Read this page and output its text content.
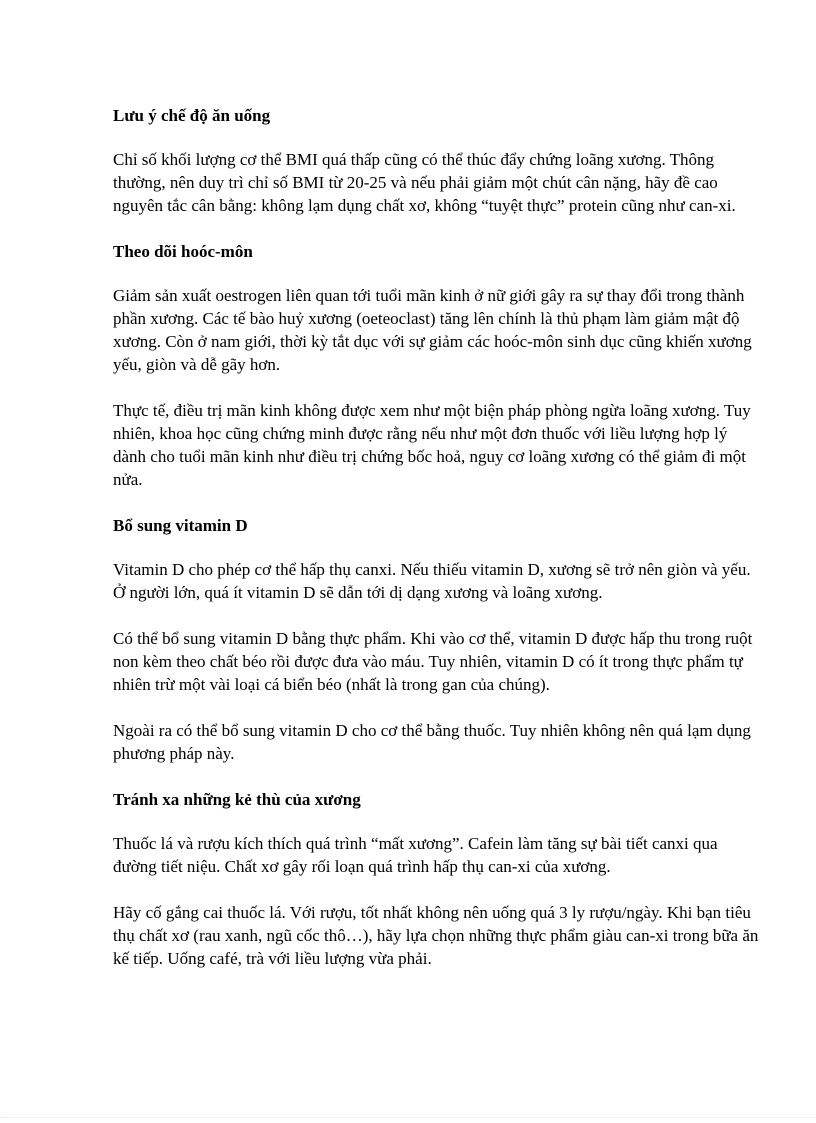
Lưu ý chế độ ăn uống

Chỉ số khối lượng cơ thể BMI quá thấp cũng có thể thúc đẩy chứng loãng xương. Thông thường, nên duy trì chỉ số BMI từ 20-25 và nếu phải giảm một chút cân nặng, hãy đề cao nguyên tắc cân bằng: không lạm dụng chất xơ, không “tuyệt thực” protein cũng như can-xi.

Theo dõi hoóc-môn

Giảm sản xuất oestrogen liên quan tới tuổi mãn kinh ở nữ giới gây ra sự thay đổi trong thành phần xương. Các tế bào huỷ xương (oeteoclast) tăng lên chính là thủ phạm làm giảm mật độ xương. Còn ở nam giới, thời kỳ tắt dục với sự giảm các hoóc-môn sinh dục cũng khiến xương yếu, giòn và dễ gãy hơn.

Thực tế, điều trị mãn kinh không được xem như một biện pháp phòng ngừa loãng xương. Tuy nhiên, khoa học cũng chứng minh được rằng nếu như một đơn thuốc với liều lượng hợp lý dành cho tuổi mãn kinh như điều trị chứng bốc hoả, nguy cơ loãng xương có thể giảm đi một nửa.

Bổ sung vitamin D

Vitamin D cho phép cơ thể hấp thụ canxi. Nếu thiếu vitamin D, xương sẽ trở nên giòn và yếu. Ở người lớn, quá ít vitamin D sẽ dẫn tới dị dạng xương và loãng xương.

Có thể bổ sung vitamin D bằng thực phẩm. Khi vào cơ thể, vitamin D được hấp thu trong ruột non kèm theo chất béo rồi được đưa vào máu. Tuy nhiên, vitamin D có ít trong thực phẩm tự nhiên trừ một vài loại cá biển béo (nhất là trong gan của chúng).

Ngoài ra có thể bổ sung vitamin D cho cơ thể bằng thuốc. Tuy nhiên không nên quá lạm dụng phương pháp này.

Tránh xa những kẻ thù của xương

Thuốc lá và rượu kích thích quá trình “mất xương”. Cafein làm tăng sự bài tiết canxi qua đường tiết niệu. Chất xơ gây rối loạn quá trình hấp thụ can-xi của xương.

Hãy cố gắng cai thuốc lá. Với rượu, tốt nhất không nên uống quá 3 ly rượu/ngày. Khi bạn tiêu thụ chất xơ (rau xanh, ngũ cốc thô…), hãy lựa chọn những thực phẩm giàu can-xi trong bữa ăn kế tiếp. Uống café, trà với liều lượng vừa phải.
